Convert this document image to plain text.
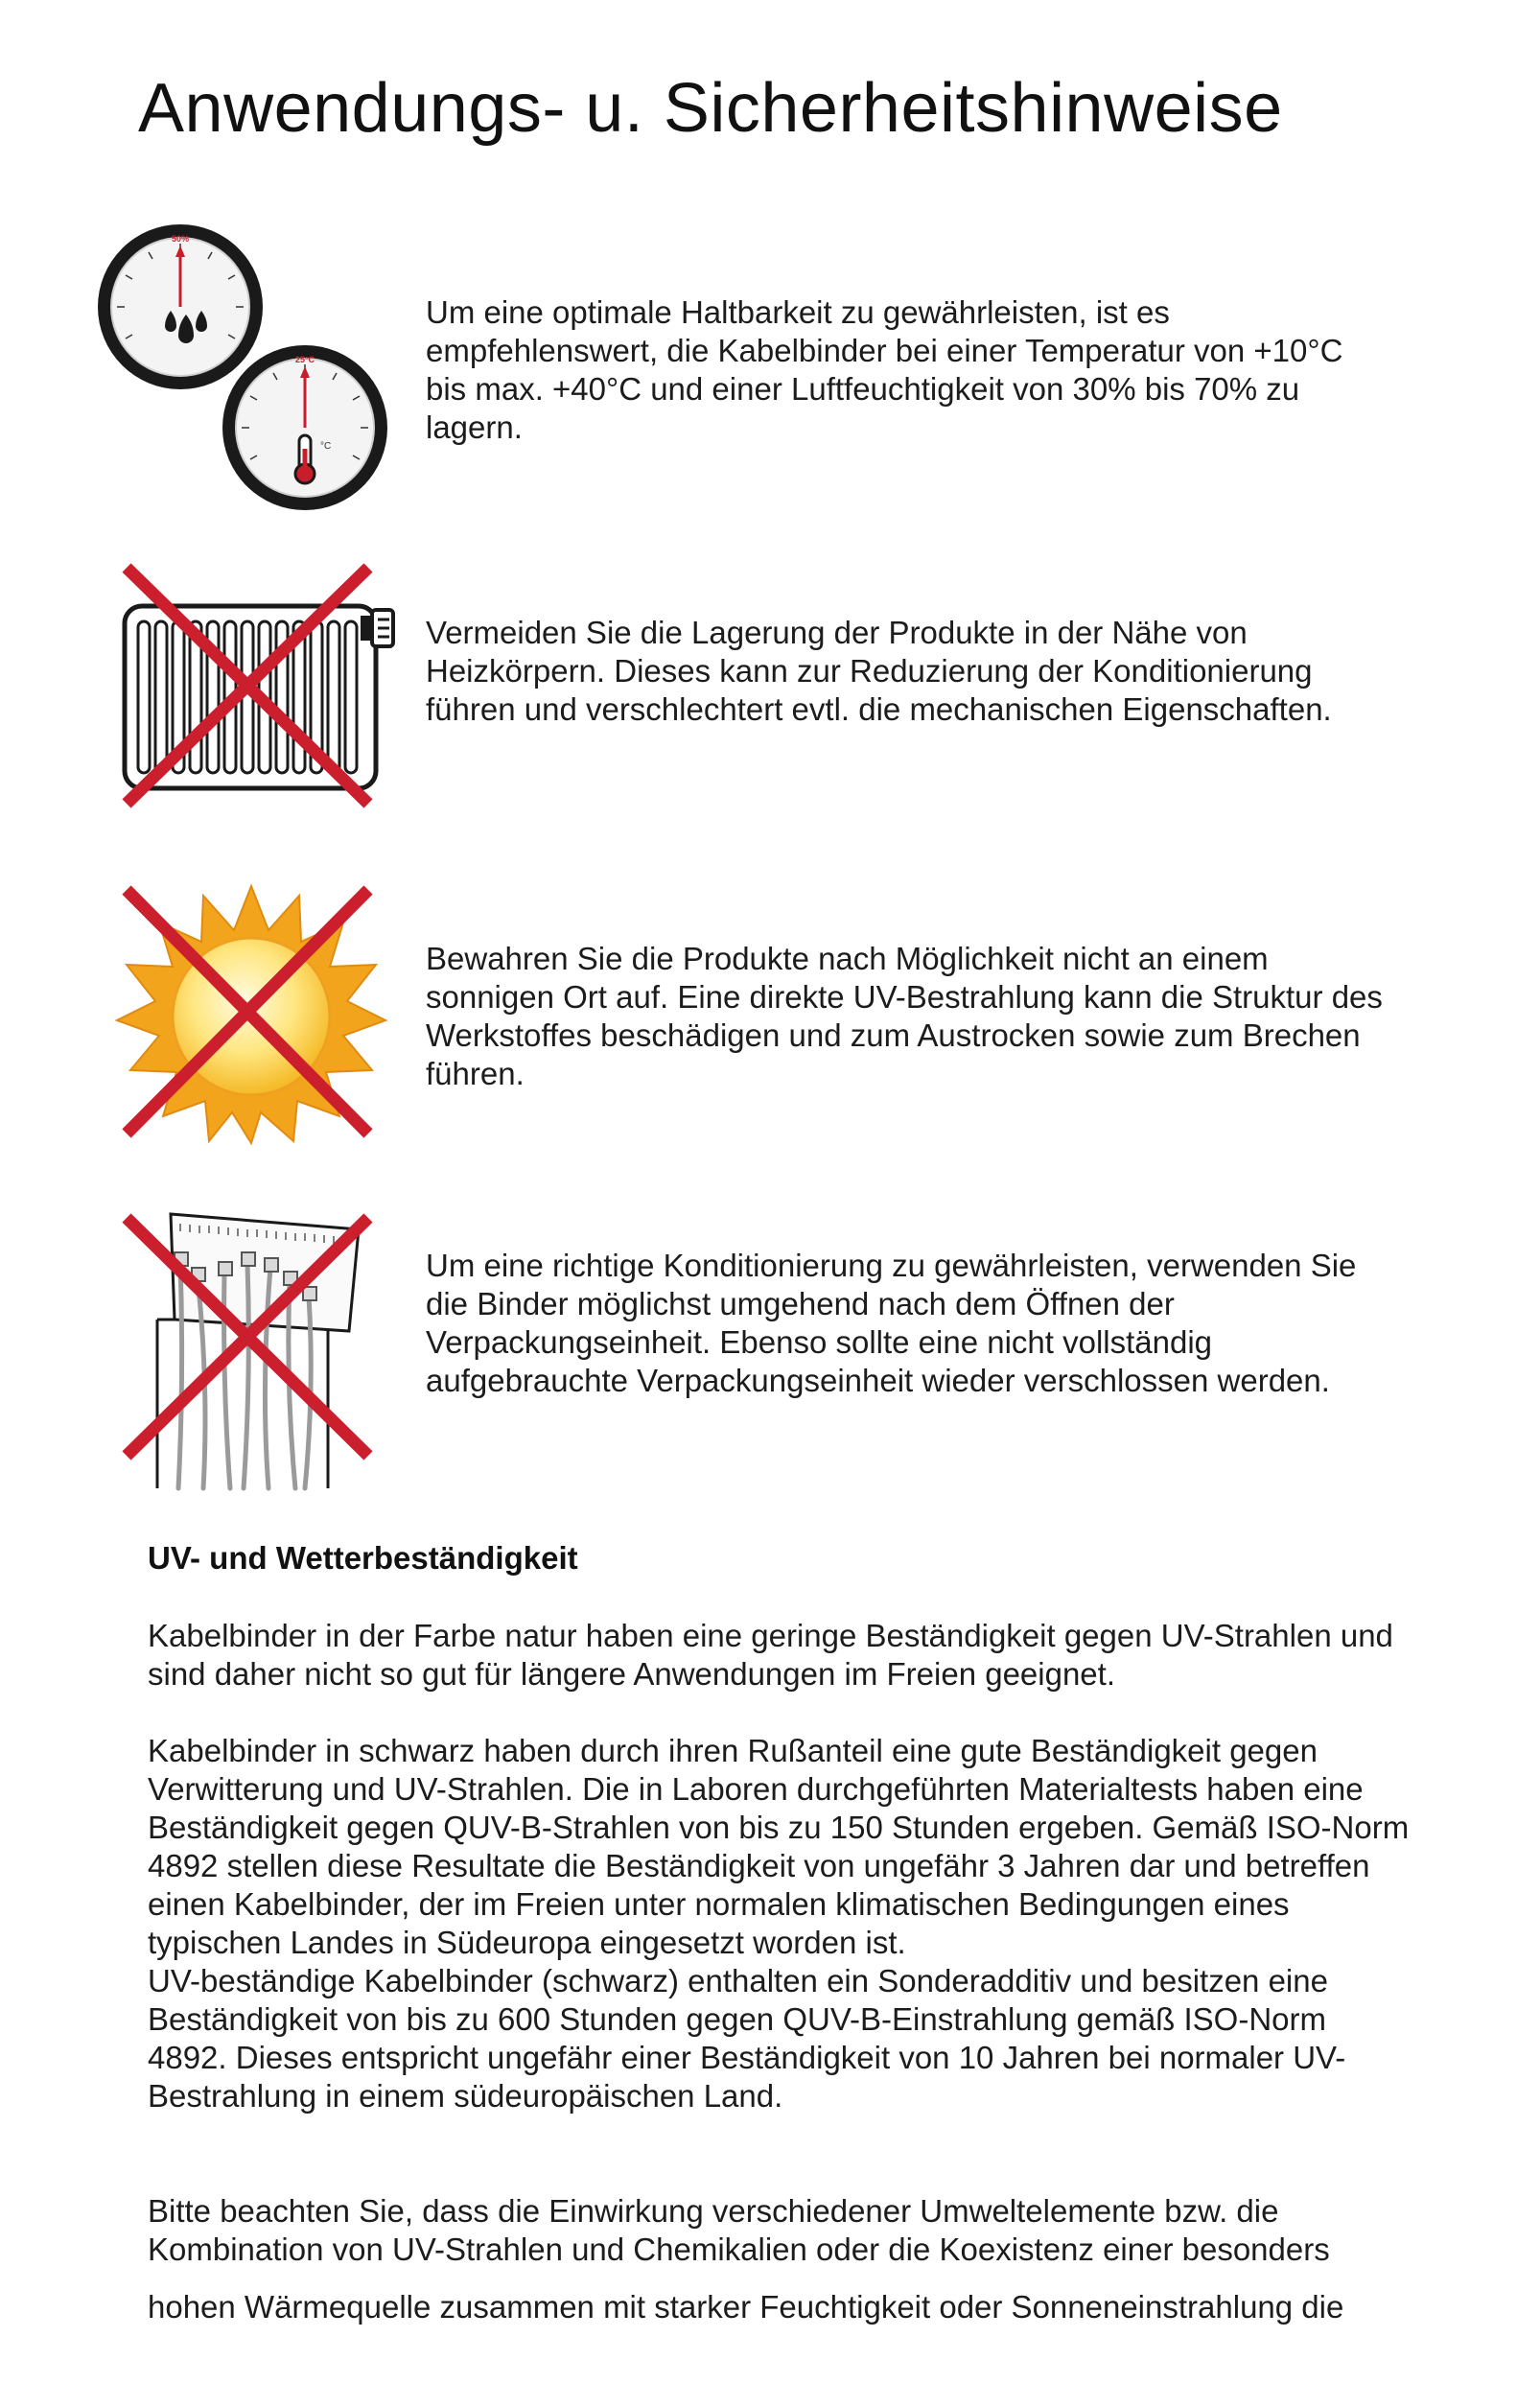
Anwendungs- u. Sicherheitshinweise
50%
25°C
°C

Um eine optimale Haltbarkeit zu gewährleisten, ist es empfehlenswert, die Kabelbinder bei einer Temperatur von +10°C bis max. +40°C und einer Luftfeuchtigkeit von 30% bis 70% zu lagern.

Vermeiden Sie die Lagerung der Produkte in der Nähe von Heizkörpern. Dieses kann zur Reduzierung der Konditionierung führen und verschlechtert evtl. die mechanischen Eigenschaften.

Bewahren Sie die Produkte nach Möglichkeit nicht an einem sonnigen Ort auf. Eine direkte UV-Bestrahlung kann die Struktur des Werkstoffes beschädigen und zum Austrocken sowie zum Brechen führen.

Um eine richtige Konditionierung zu gewährleisten, verwenden Sie die Binder möglichst umgehend nach dem Öffnen der Verpackungseinheit. Ebenso sollte eine nicht vollständig aufgebrauchte Verpackungseinheit wieder verschlossen werden.

UV- und Wetterbeständigkeit

Kabelbinder in der Farbe natur haben eine geringe Beständigkeit gegen UV-Strahlen und sind daher nicht so gut für längere Anwendungen im Freien geeignet.

Kabelbinder in schwarz haben durch ihren Rußanteil eine gute Beständigkeit gegen Verwitterung und UV-Strahlen. Die in Laboren durchgeführten Materialtests haben eine Beständigkeit gegen QUV-B-Strahlen von bis zu 150 Stunden ergeben. Gemäß ISO-Norm 4892 stellen diese Resultate die Beständigkeit von ungefähr 3 Jahren dar und betreffen einen Kabelbinder, der im Freien unter normalen klimatischen Bedingungen eines typischen Landes in Südeuropa eingesetzt worden ist.

UV-beständige Kabelbinder (schwarz) enthalten ein Sonderadditiv und besitzen eine Beständigkeit von bis zu 600 Stunden gegen QUV-B-Einstrahlung gemäß ISO-Norm 4892. Dieses entspricht ungefähr einer Beständigkeit von 10 Jahren bei normaler UV-Bestrahlung in einem südeuropäischen Land.

Bitte beachten Sie, dass die Einwirkung verschiedener Umweltelemente bzw. die Kombination von UV-Strahlen und Chemikalien oder die Koexistenz einer besonders

hohen Wärmequelle zusammen mit starker Feuchtigkeit oder Sonneneinstrahlung die
